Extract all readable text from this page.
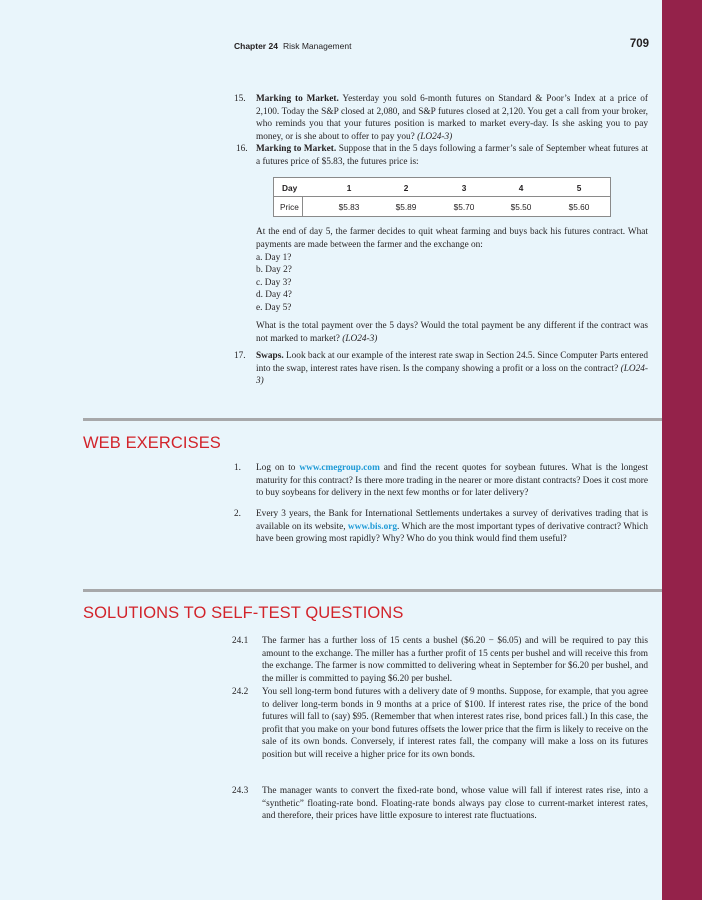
Chapter 24 Risk Management	709
15. Marking to Market. Yesterday you sold 6-month futures on Standard & Poor’s Index at a price of 2,100. Today the S&P closed at 2,080, and S&P futures closed at 2,120. You get a call from your broker, who reminds you that your futures position is marked to market every-day. Is she asking you to pay money, or is she about to offer to pay you? (LO24-3)
16. Marking to Market. Suppose that in the 5 days following a farmer’s sale of September wheat futures at a futures price of $5.83, the futures price is:
Day	1	2	3	4	5
Price	$5.83	$5.89	$5.70	$5.50	$5.60
At the end of day 5, the farmer decides to quit wheat farming and buys back his futures contract. What payments are made between the farmer and the exchange on:
a. Day 1?
b. Day 2?
c. Day 3?
d. Day 4?
e. Day 5?
What is the total payment over the 5 days? Would the total payment be any different if the contract was not marked to market? (LO24-3)
17. Swaps. Look back at our example of the interest rate swap in Section 24.5. Since Computer Parts entered into the swap, interest rates have risen. Is the company showing a profit or a loss on the contract? (LO24-3)
WEB EXERCISES
1. Log on to www.cmegroup.com and find the recent quotes for soybean futures. What is the longest maturity for this contract? Is there more trading in the nearer or more distant contracts? Does it cost more to buy soybeans for delivery in the next few months or for later delivery?
2. Every 3 years, the Bank for International Settlements undertakes a survey of derivatives trading that is available on its website, www.bis.org. Which are the most important types of derivative contract? Which have been growing most rapidly? Why? Who do you think would find them useful?
SOLUTIONS TO SELF-TEST QUESTIONS
24.1 The farmer has a further loss of 15 cents a bushel ($6.20 − $6.05) and will be required to pay this amount to the exchange. The miller has a further profit of 15 cents per bushel and will receive this from the exchange. The farmer is now committed to delivering wheat in September for $6.20 per bushel, and the miller is committed to paying $6.20 per bushel.
24.2 You sell long-term bond futures with a delivery date of 9 months. Suppose, for example, that you agree to deliver long-term bonds in 9 months at a price of $100. If interest rates rise, the price of the bond futures will fall to (say) $95. (Remember that when interest rates rise, bond prices fall.) In this case, the profit that you make on your bond futures offsets the lower price that the firm is likely to receive on the sale of its own bonds. Conversely, if interest rates fall, the company will make a loss on its futures position but will receive a higher price for its own bonds.
24.3 The manager wants to convert the fixed-rate bond, whose value will fall if interest rates rise, into a “synthetic” floating-rate bond. Floating-rate bonds always pay close to current-market interest rates, and therefore, their prices have little exposure to interest rate fluctuations.
